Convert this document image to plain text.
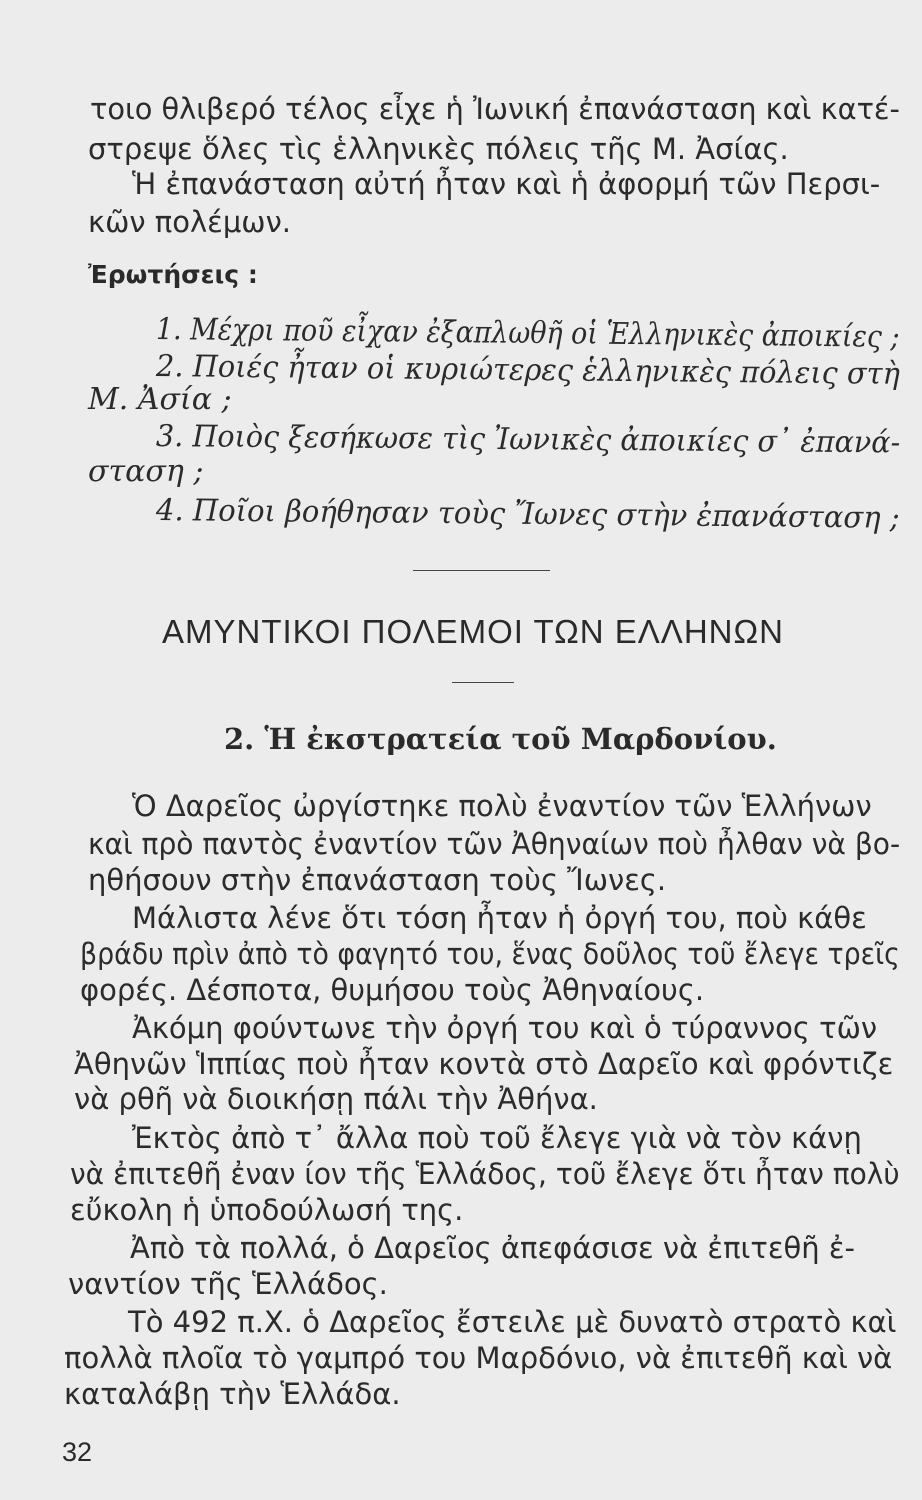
τοιο θλιβερό τέλος εἶχε ἡ Ἰωνική ἐπανάσταση καὶ κατέ-

στρεψε ὅλες τὶς ἑλληνικὲς πόλεις τῆς Μ. Ἀσίας.

Ἡ ἐπανάσταση αὐτή ἦταν καὶ ἡ ἀφορμή τῶν Περσι-

κῶν πολέμων.

Ἐρωτήσεις :

1. Μέχρι ποῦ εἶχαν ἐξαπλωθῆ οἱ Ἑλληνικὲς ἀποικίες ;

2. Ποιές ἦταν οἱ κυριώτερες ἑλληνικὲς πόλεις στὴ

Μ. Ἀσία ;

3. Ποιὸς ξεσήκωσε τὶς Ἰωνικὲς ἀποικίες σ᾽ ἐπανά-

σταση ;

4. Ποῖοι βοήθησαν τοὺς Ἴωνες στὴν ἐπανάσταση ;

ΑΜΥΝΤΙΚΟΙ ΠΟΛΕΜΟΙ ΤΩΝ ΕΛΛΗΝΩΝ

2. Ἡ ἐκστρατεία τοῦ Μαρδονίου.

Ὁ Δαρεῖος ὠργίστηκε πολὺ ἐναντίον τῶν Ἑλλήνων

καὶ πρὸ παντὸς ἐναντίον τῶν Ἀθηναίων ποὺ ἦλθαν νὰ βο-

ηθήσουν στὴν ἐπανάσταση τοὺς Ἴωνες.

Μάλιστα λένε ὅτι τόση ἦταν ἡ ὀργή του, ποὺ κάθε

βράδυ πρὶν ἀπὸ τὸ φαγητό του, ἕνας δοῦλος τοῦ ἔλεγε τρεῖς

φορές. Δέσποτα, θυμήσου τοὺς Ἀθηναίους.

Ἀκόμη φούντωνε τὴν ὀργή του καὶ ὁ τύραννος τῶν

Ἀθηνῶν Ἱππίας ποὺ ἦταν κοντὰ στὸ Δαρεῖο καὶ φρόντιζε

νὰ ρθῆ νὰ διοικήσῃ πάλι τὴν Ἀθήνα.

Ἐκτὸς ἀπὸ τ᾽ ἄλλα ποὺ τοῦ ἔλεγε γιὰ νὰ τὸν κάνῃ

νὰ ἐπιτεθῆ ἐναν ίον τῆς Ἑλλάδος, τοῦ ἔλεγε ὅτι ἦταν πολὺ

εὔκολη ἡ ὑποδούλωσή της.

Ἀπὸ τὰ πολλά, ὁ Δαρεῖος ἀπεφάσισε νὰ ἐπιτεθῆ ἐ-

ναντίον τῆς Ἑλλάδος.

Τὸ 492 π.Χ. ὁ Δαρεῖος ἔστειλε μὲ δυνατὸ στρατὸ καὶ

πολλὰ πλοῖα τὸ γαμπρό του Μαρδόνιο, νὰ ἐπιτεθῆ καὶ νὰ

καταλάβῃ τὴν Ἑλλάδα.

32
